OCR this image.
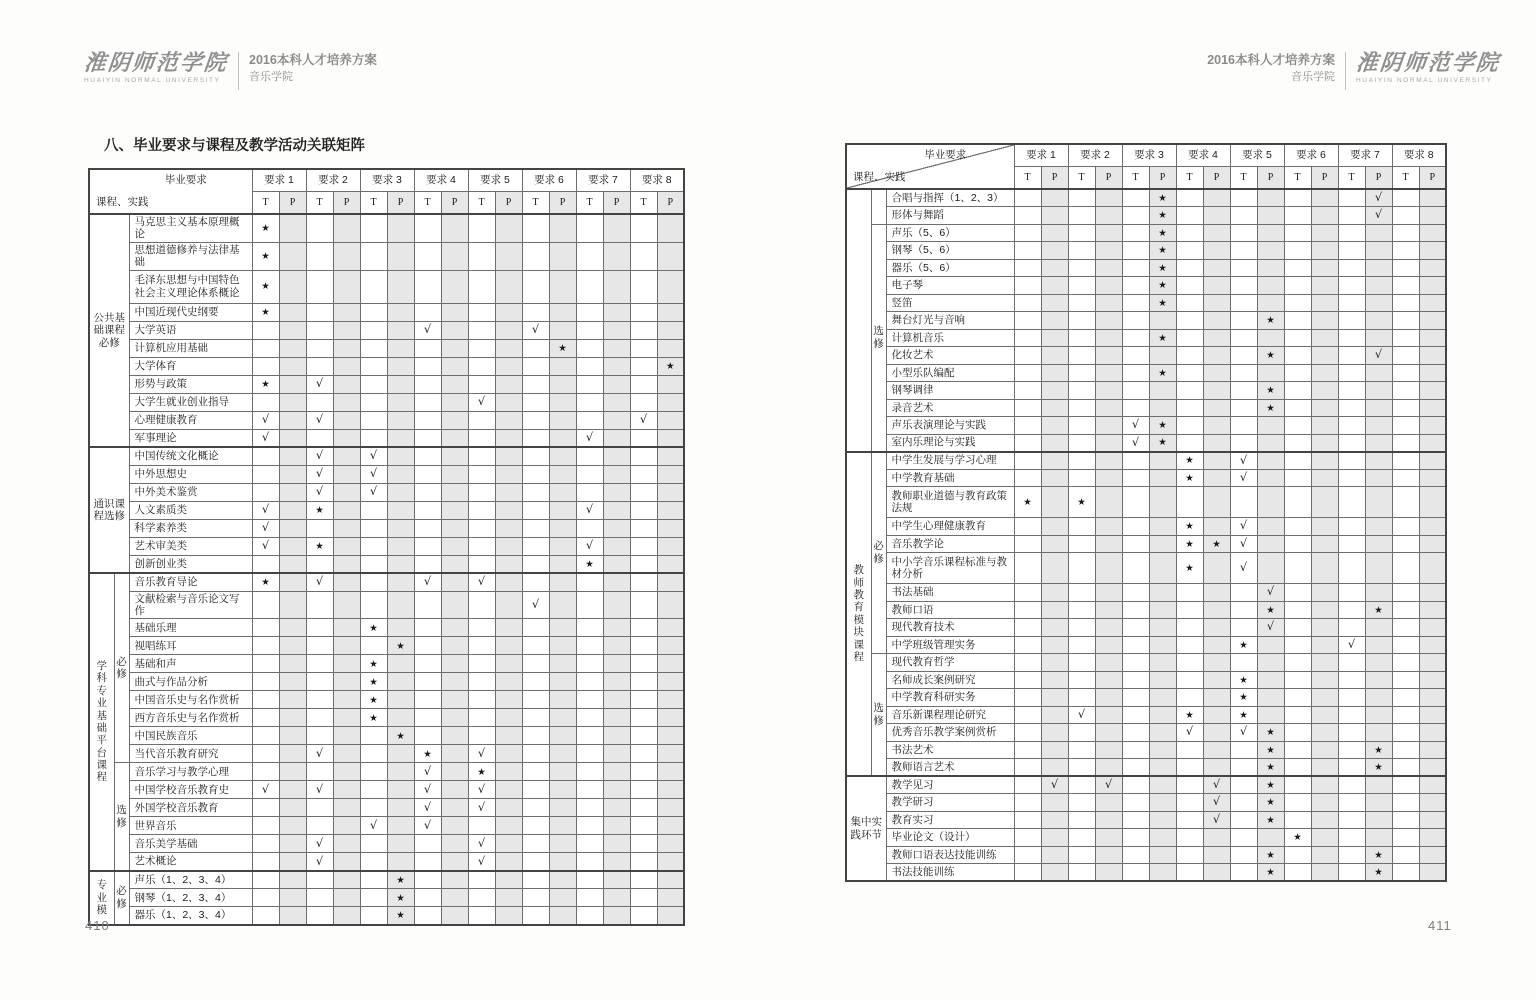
淮阴师范学院
HUAIYIN NORMAL UNIVERSITY
2016本科人才培养方案
音乐学院
八、毕业要求与课程及教学活动关联矩阵
2016本科人才培养方案
音乐学院
淮阴师范学院
HUAIYIN NORMAL UNIVERSITY
毕业要求
课程、实践			要求 1		要求 2		要求 3		要求 4		要求 5		要求 6		要求 7		要求 8	
			T	P	T	P	T	P	T	P	T	P	T	P	T	P	T	P
公共基
础课程
必修		马克思主义基本原理概论	★															
		思想道德修养与法律基础	★															
		毛泽东思想与中国特色社会主义理论体系概论	★															
		中国近现代史纲要	★															
		大学英语							√				√					
		计算机应用基础												★				
		大学体育																★
		形势与政策	★		√													
		大学生就业创业指导									√							
		心理健康教育	√		√												√	
		军事理论	√												√			
通识课
程选修		中国传统文化概论			√		√											
		中外思想史			√		√											
		中外美术鉴赏			√		√											
		人文素质类	√		★										√			
		科学素养类	√															
		艺术审美类	√		★										√			
		创新创业类													★			
学
科
专
业
基
础
平
台
课
程	必
修	音乐教育导论	★		√				√		√							
		文献检索与音乐论文写作											√					
		基础乐理					★											
		视唱练耳						★										
		基础和声					★											
		曲式与作品分析					★											
		中国音乐史与名作赏析					★											
		西方音乐史与名作赏析					★											
		中国民族音乐						★										
		当代音乐教育研究			√				★		√							
	选
修	音乐学习与教学心理							√		★							
		中国学校音乐教育史	√		√				√		√							
		外国学校音乐教育							√		√							
		世界音乐					√		√									
		音乐美学基础			√						√							
		艺术概论			√						√							
专
业
模	必
修	声乐（1、2、3、4）						★										
		钢琴（1、2、3、4）						★										
		器乐（1、2、3、4）						★										
毕业要求
课程、实践			要求 1		要求 2		要求 3		要求 4		要求 5		要求 6		要求 7		要求 8	
			T	P	T	P	T	P	T	P	T	P	T	P	T	P	T	P
		合唱与指挥（1、2、3）						★								√		
		形体与舞蹈						★								√		
	选
修	声乐（5、6）						★										
		钢琴（5、6）						★										
		器乐（5、6）						★										
		电子琴						★										
		竖笛						★										
		舞台灯光与音响										★						
		计算机音乐						★										
		化妆艺术										★				√		
		小型乐队编配						★										
		钢琴调律										★						
		录音艺术										★						
		声乐表演理论与实践					√	★										
		室内乐理论与实践					√	★										
教
师
教
育
模
块
课
程	必
修	中学生发展与学习心理							★		√							
		中学教育基础							★		√							
		教师职业道德与教育政策法规	★		★													
		中学生心理健康教育							★		√							
		音乐教学论							★	★	√							
		中小学音乐课程标准与教材分析							★		√							
		书法基础										√						
		教师口语										★				★		
		现代教育技术										√						
		中学班级管理实务									★				√			
	选
修	现代教育哲学																
		名师成长案例研究									★							
		中学教育科研实务									★							
		音乐新课程理论研究			√				★		★							
		优秀音乐教学案例赏析							√		√	★						
		书法艺术										★				★		
		教师语言艺术										★				★		
集中实
践环节		教学见习		√		√				√		★						
		教学研习								√		★						
		教育实习								√		★						
		毕业论文（设计）											★					
		教师口语表达技能训练										★				★		
		书法技能训练										★				★		
410	411
